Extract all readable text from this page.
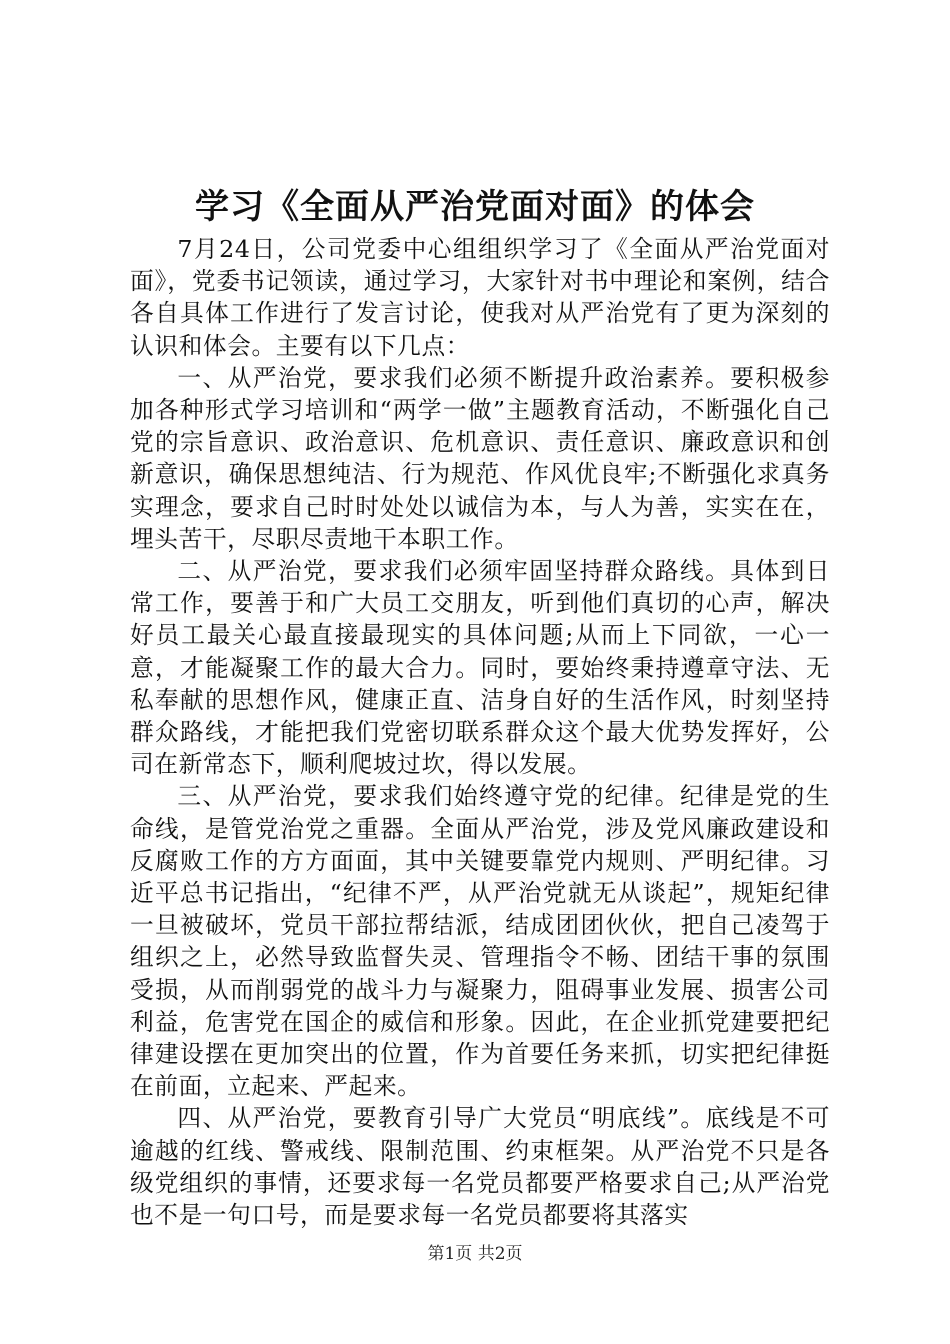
学习《全面从严治党面对面》的体会

7月24日，公司党委中心组组织学习了《全面从严治党面对面》，党委书记领读，通过学习，大家针对书中理论和案例，结合各自具体工作进行了发言讨论，使我对从严治党有了更为深刻的认识和体会。主要有以下几点：

一、从严治党，要求我们必须不断提升政治素养。要积极参加各种形式学习培训和“两学一做”主题教育活动，不断强化自己党的宗旨意识、政治意识、危机意识、责任意识、廉政意识和创新意识，确保思想纯洁、行为规范、作风优良牢;不断强化求真务实理念，要求自己时时处处以诚信为本，与人为善，实实在在，埋头苦干，尽职尽责地干本职工作。

二、从严治党，要求我们必须牢固坚持群众路线。具体到日常工作，要善于和广大员工交朋友，听到他们真切的心声，解决好员工最关心最直接最现实的具体问题;从而上下同欲，一心一意，才能凝聚工作的最大合力。同时，要始终秉持遵章守法、无私奉献的思想作风，健康正直、洁身自好的生活作风，时刻坚持群众路线，才能把我们党密切联系群众这个最大优势发挥好，公司在新常态下，顺利爬坡过坎，得以发展。

三、从严治党，要求我们始终遵守党的纪律。纪律是党的生命线，是管党治党之重器。全面从严治党，涉及党风廉政建设和反腐败工作的方方面面，其中关键要靠党内规则、严明纪律。习近平总书记指出，“纪律不严，从严治党就无从谈起”，规矩纪律一旦被破坏，党员干部拉帮结派，结成团团伙伙，把自己凌驾于组织之上，必然导致监督失灵、管理指令不畅、团结干事的氛围受损，从而削弱党的战斗力与凝聚力，阻碍事业发展、损害公司利益，危害党在国企的威信和形象。因此，在企业抓党建要把纪律建设摆在更加突出的位置，作为首要任务来抓，切实把纪律挺在前面，立起来、严起来。

四、从严治党，要教育引导广大党员“明底线”。底线是不可逾越的红线、警戒线、限制范围、约束框架。从严治党不只是各级党组织的事情，还要求每一名党员都要严格要求自己;从严治党也不是一句口号，而是要求每一名党员都要将其落实

第1页 共2页
